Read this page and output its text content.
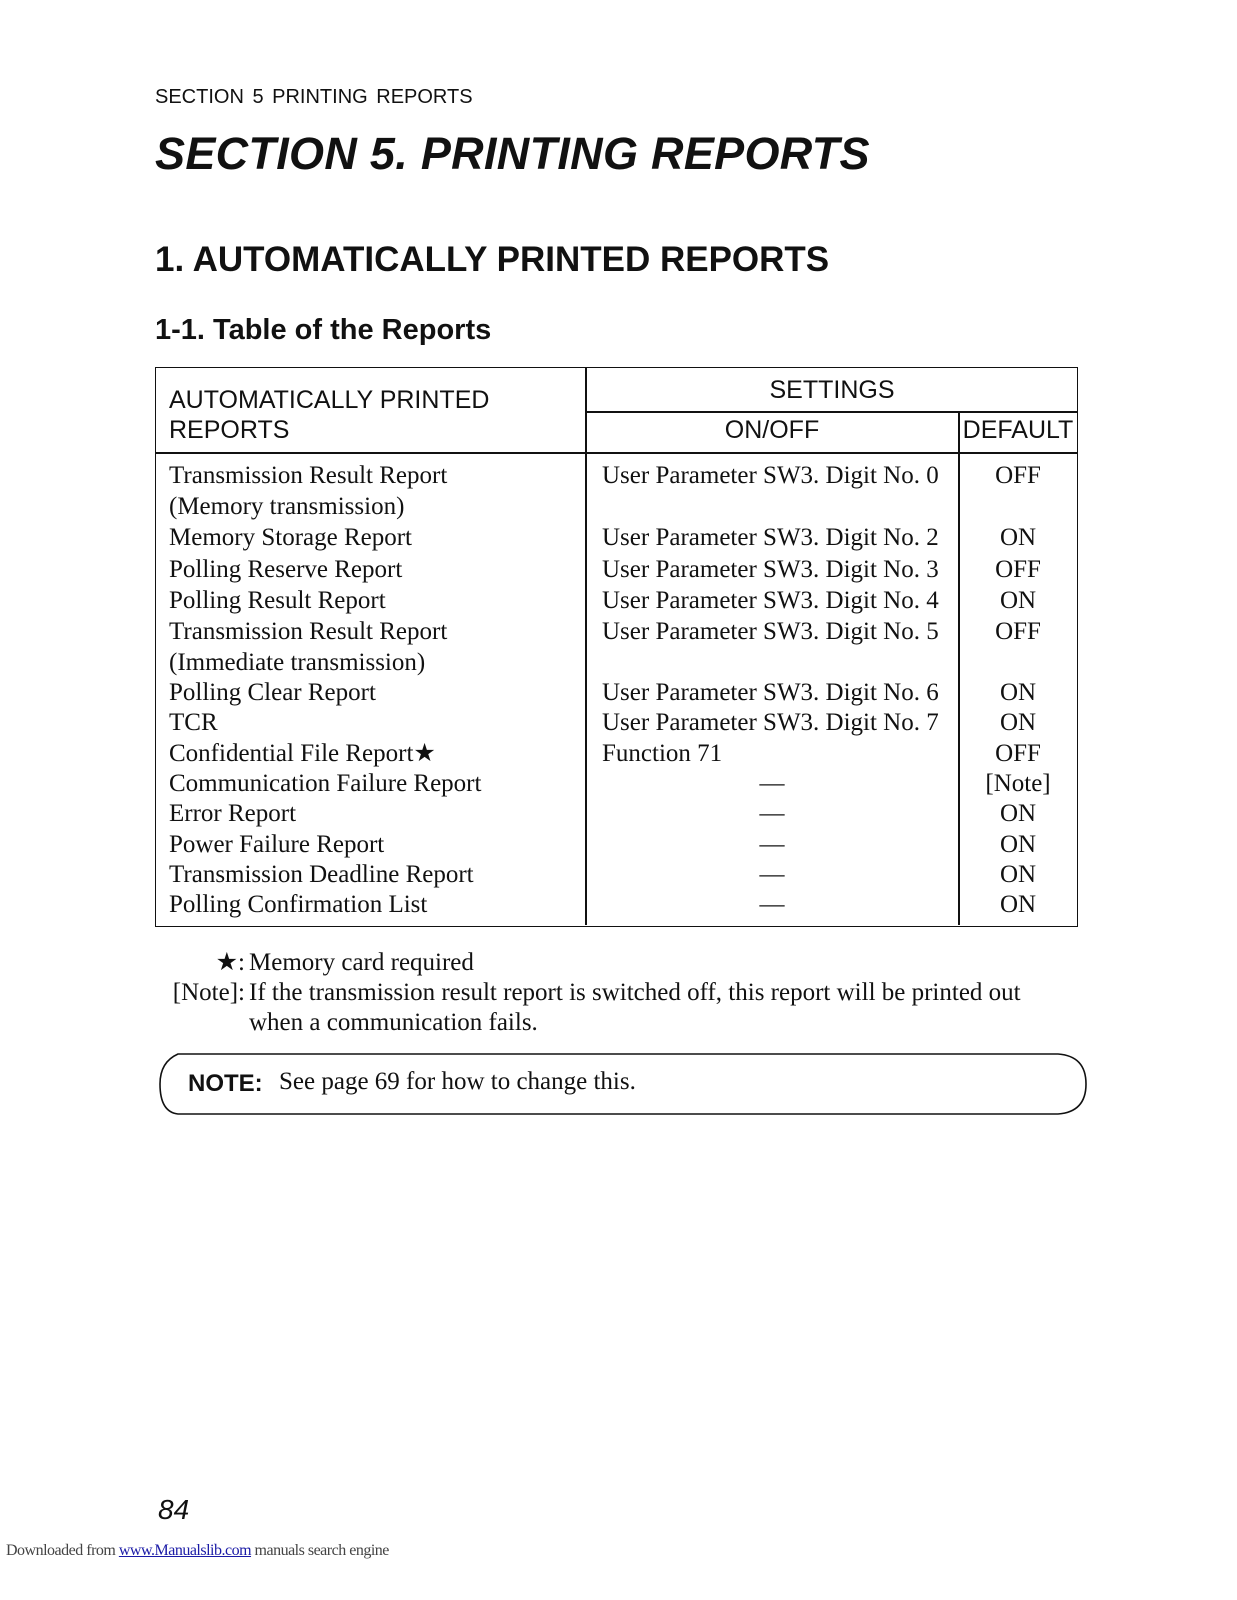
SECTION 5 PRINTING REPORTS
SECTION 5. PRINTING REPORTS
1. AUTOMATICALLY PRINTED REPORTS
1-1. Table of the Reports
AUTOMATICALLY PRINTED
REPORTS
SETTINGS
ON/OFF	DEFAULT
Transmission Result Report	User Parameter SW3. Digit No. 0	OFF
(Memory transmission)
Memory Storage Report	User Parameter SW3. Digit No. 2	ON
Polling Reserve Report	User Parameter SW3. Digit No. 3	OFF
Polling Result Report	User Parameter SW3. Digit No. 4	ON
Transmission Result Report	User Parameter SW3. Digit No. 5	OFF
(Immediate transmission)
Polling Clear Report	User Parameter SW3. Digit No. 6	ON
TCR	User Parameter SW3. Digit No. 7	ON
Confidential File Report★	Function 71	OFF
Communication Failure Report	—	[Note]
Error Report	—	ON
Power Failure Report	—	ON
Transmission Deadline Report	—	ON
Polling Confirmation List	—	ON
★: Memory card required
[Note]: If the transmission result report is switched off, this report will be printed out
when a communication fails.
NOTE: See page 69 for how to change this.
84
Downloaded from www.Manualslib.com manuals search engine
